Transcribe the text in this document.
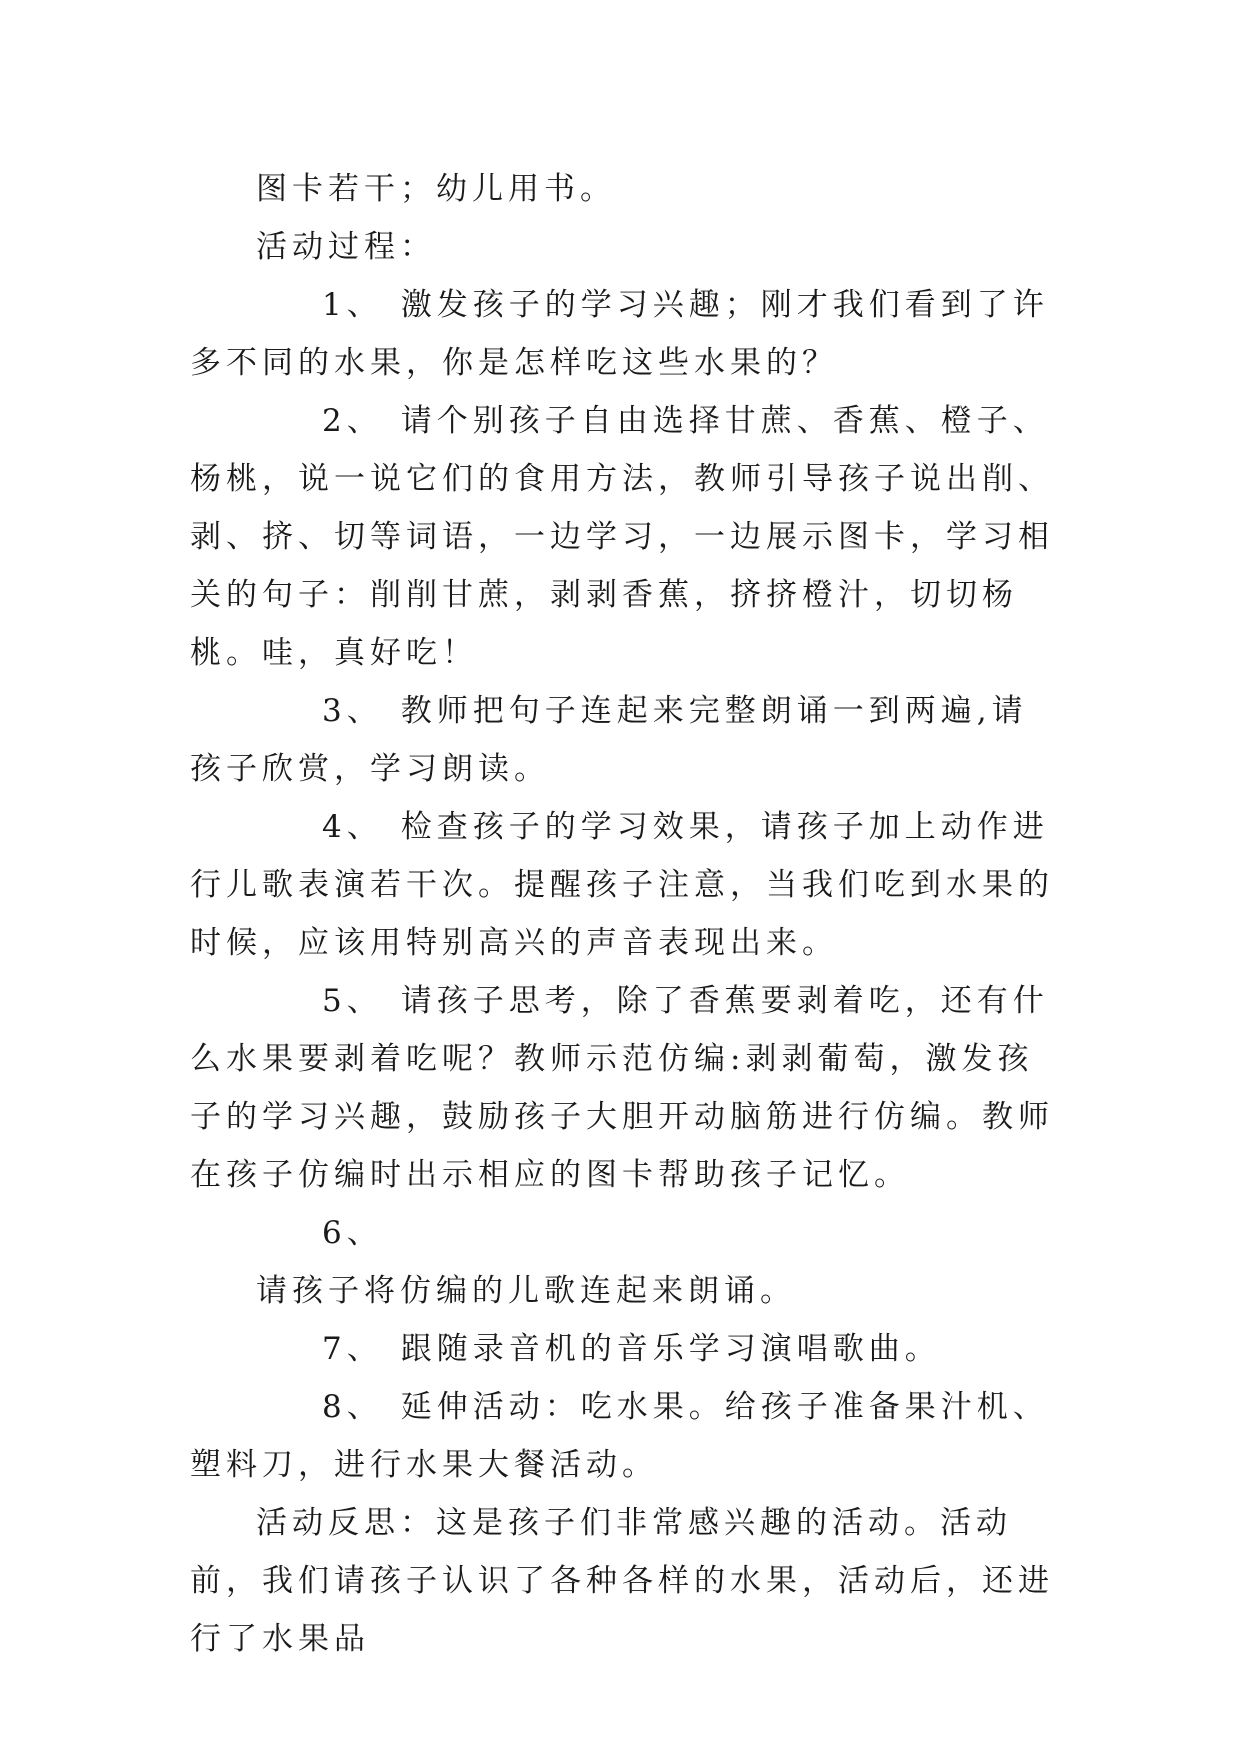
图卡若干；幼儿用书。

活动过程：

1、 激发孩子的学习兴趣；刚才我们看到了许多不同的水果，你是怎样吃这些水果的？

2、 请个别孩子自由选择甘蔗、香蕉、橙子、杨桃，说一说它们的食用方法，教师引导孩子说出削、剥、挤、切等词语，一边学习，一边展示图卡，学习相关的句子：削削甘蔗，剥剥香蕉，挤挤橙汁，切切杨桃。哇，真好吃！

3、 教师把句子连起来完整朗诵一到两遍,请孩子欣赏，学习朗读。

4、 检查孩子的学习效果，请孩子加上动作进行儿歌表演若干次。提醒孩子注意，当我们吃到水果的时候，应该用特别高兴的声音表现出来。

5、 请孩子思考，除了香蕉要剥着吃，还有什么水果要剥着吃呢？教师示范仿编:剥剥葡萄，激发孩子的学习兴趣，鼓励孩子大胆开动脑筋进行仿编。教师在孩子仿编时出示相应的图卡帮助孩子记忆。

6、

请孩子将仿编的儿歌连起来朗诵。

7、 跟随录音机的音乐学习演唱歌曲。

8、 延伸活动：吃水果。给孩子准备果汁机、塑料刀，进行水果大餐活动。

活动反思：这是孩子们非常感兴趣的活动。活动前，我们请孩子认识了各种各样的水果，活动后，还进行了水果品
